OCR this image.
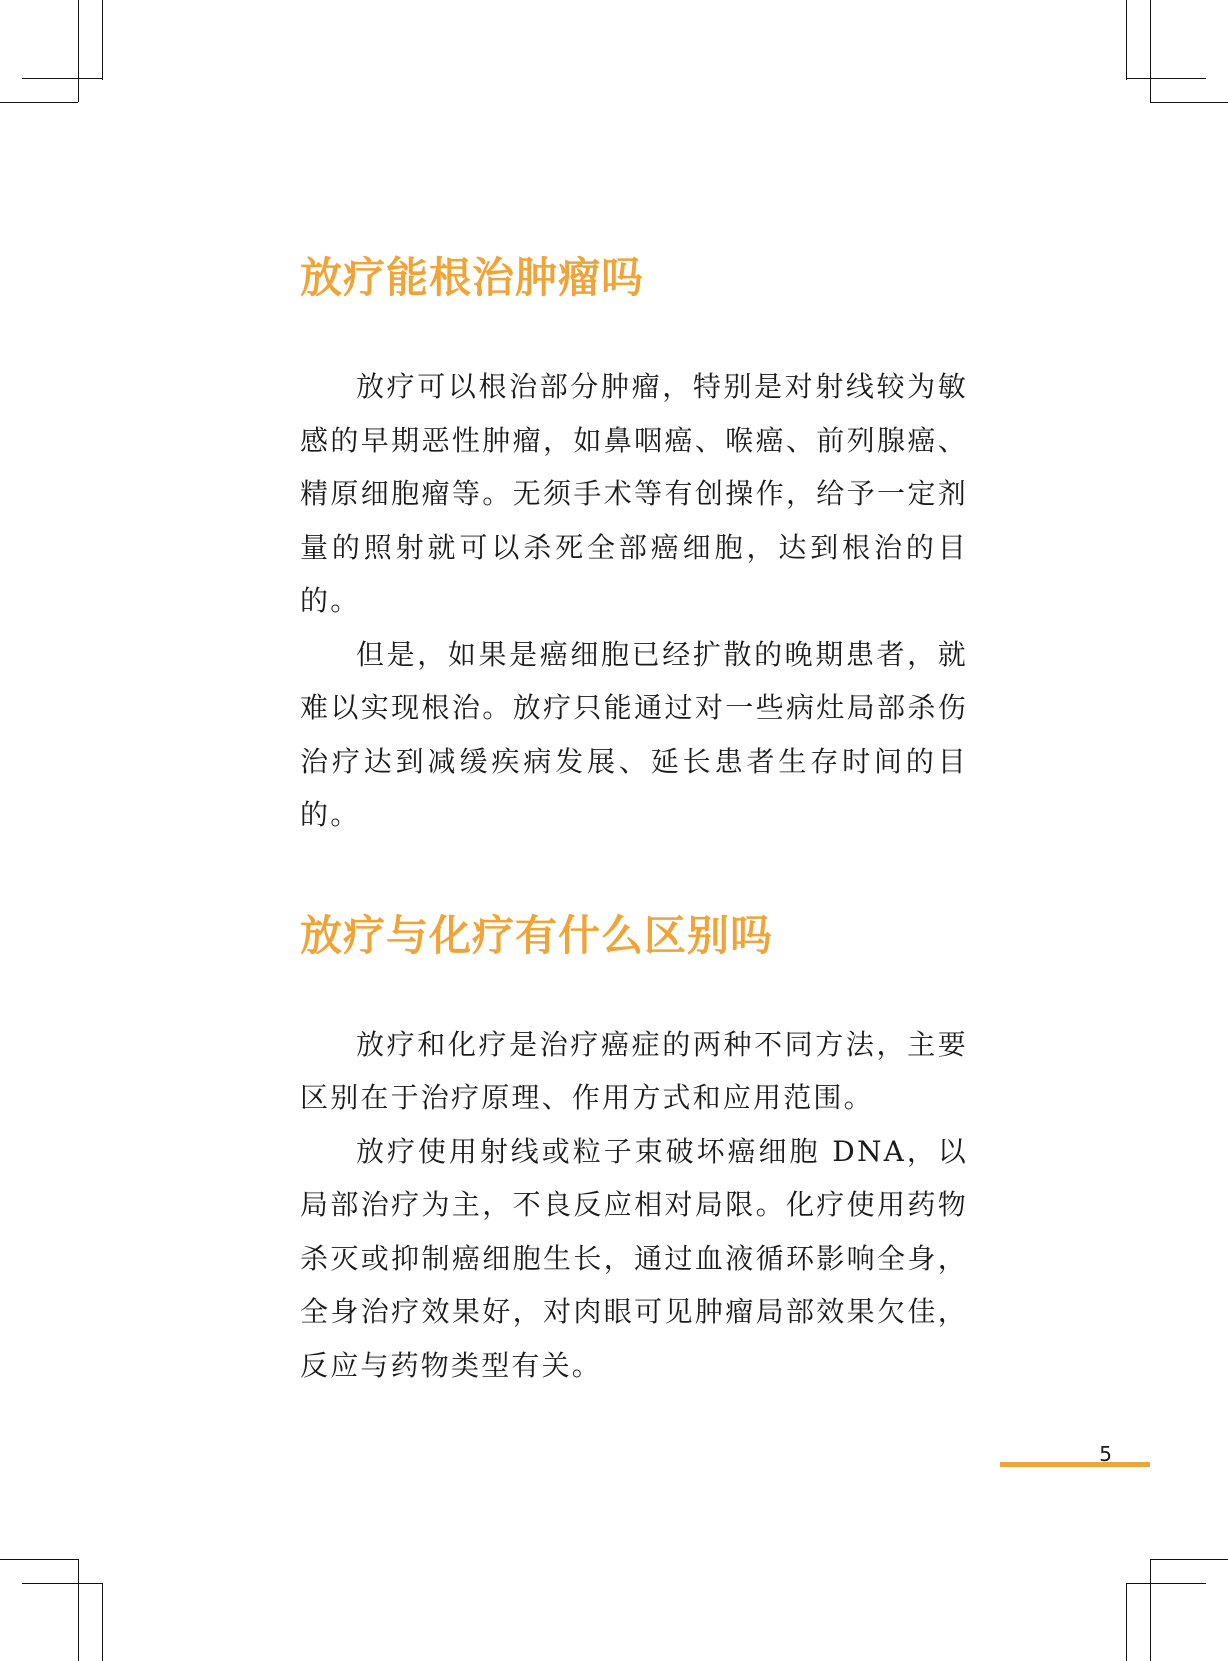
放疗能根治肿瘤吗

放疗可以根治部分肿瘤，特别是对射线较为敏感的早期恶性肿瘤，如鼻咽癌、喉癌、前列腺癌、精原细胞瘤等。无须手术等有创操作，给予一定剂量的照射就可以杀死全部癌细胞，达到根治的目的。

但是，如果是癌细胞已经扩散的晚期患者，就难以实现根治。放疗只能通过对一些病灶局部杀伤治疗达到减缓疾病发展、延长患者生存时间的目的。

放疗与化疗有什么区别吗

放疗和化疗是治疗癌症的两种不同方法，主要区别在于治疗原理、作用方式和应用范围。

放疗使用射线或粒子束破坏癌细胞 DNA，以局部治疗为主，不良反应相对局限。化疗使用药物杀灭或抑制癌细胞生长，通过血液循环影响全身，全身治疗效果好，对肉眼可见肿瘤局部效果欠佳，反应与药物类型有关。

5
